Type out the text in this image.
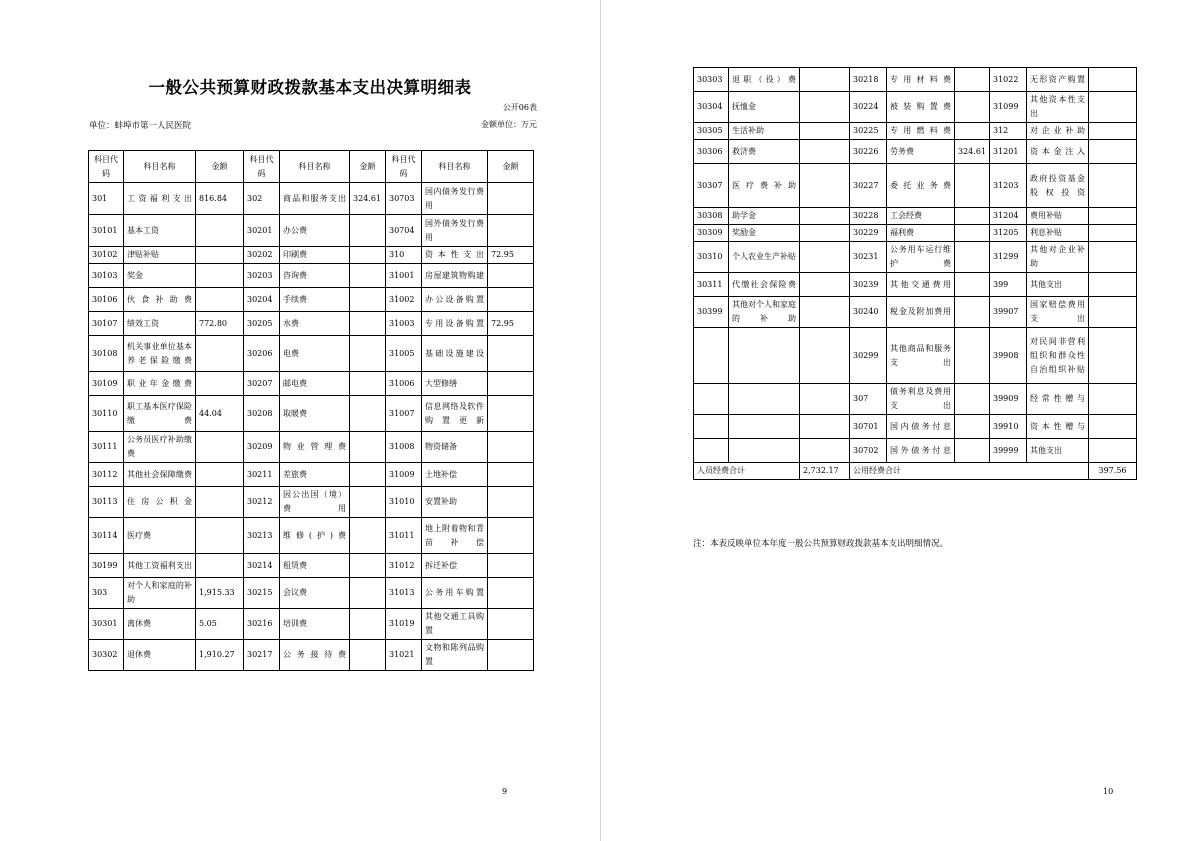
一般公共预算财政拨款基本支出决算明细表
公开06表
单位：蚌埠市第一人民医院	金额单位：万元
科目代码	科目名称	金额	科目代码	科目名称	金额	科目代码	科目名称	金额
301	工资福利支出	816.84	302	商品和服务支出	324.61	30703	国内债务发行费用	
30101	基本工资		30201	办公费		30704	国外债务发行费用	
30102	津贴补贴		30202	印刷费		310	资本性支出	72.95
30103	奖金		30203	咨询费		31001	房屋建筑物购建	
30106	伙食补助费		30204	手续费		31002	办公设备购置	
30107	绩效工资	772.80	30205	水费		31003	专用设备购置	72.95
30108	机关事业单位基本养老保险缴费		30206	电费		31005	基础设施建设	
30109	职业年金缴费		30207	邮电费		31006	大型修缮	
30110	职工基本医疗保险缴费	44.04	30208	取暖费		31007	信息网络及软件购置更新	
30111	公务员医疗补助缴费		30209	物业管理费		31008	物资储备	
30112	其他社会保障缴费		30211	差旅费		31009	土地补偿	
30113	住房公积金		30212	因公出国（境）费用		31010	安置补助	
30114	医疗费		30213	维修(护)费		31011	地上附着物和青苗补偿	
30199	其他工资福利支出		30214	租赁费		31012	拆迁补偿	
303	对个人和家庭的补助	1,915.33	30215	会议费		31013	公务用车购置	
30301	离休费	5.05	30216	培训费		31019	其他交通工具购置	
30302	退休费	1,910.27	30217	公务接待费		31021	文物和陈列品购置	
9
30303	退职（役）费		30218	专用材料费		31022	无形资产购置	
30304	抚恤金		30224	被装购置费		31099	其他资本性支出	
30305	生活补助		30225	专用燃料费		312	对企业补助	
30306	救济费		30226	劳务费	324.61	31201	资本金注入	
30307	医疗费补助		30227	委托业务费		31203	政府投资基金股权投资	
30308	助学金		30228	工会经费		31204	费用补贴	
30309	奖励金		30229	福利费		31205	利息补贴	
30310	个人农业生产补贴		30231	公务用车运行维护费		31299	其他对企业补助	
30311	代缴社会保险费		30239	其他交通费用		399	其他支出	
30399	其他对个人和家庭的补助		30240	税金及附加费用		39907	国家赔偿费用支出	
			30299	其他商品和服务支出		39908	对民间非营利组织和群众性自治组织补贴	
			307	债务利息及费用支出		39909	经常性赠与	
			30701	国内债务付息		39910	资本性赠与	
			30702	国外债务付息		39999	其他支出	
人员经费合计		2,732.17	公用经费合计					397.56
注：本表反映单位本年度一般公共预算财政拨款基本支出明细情况。
10
